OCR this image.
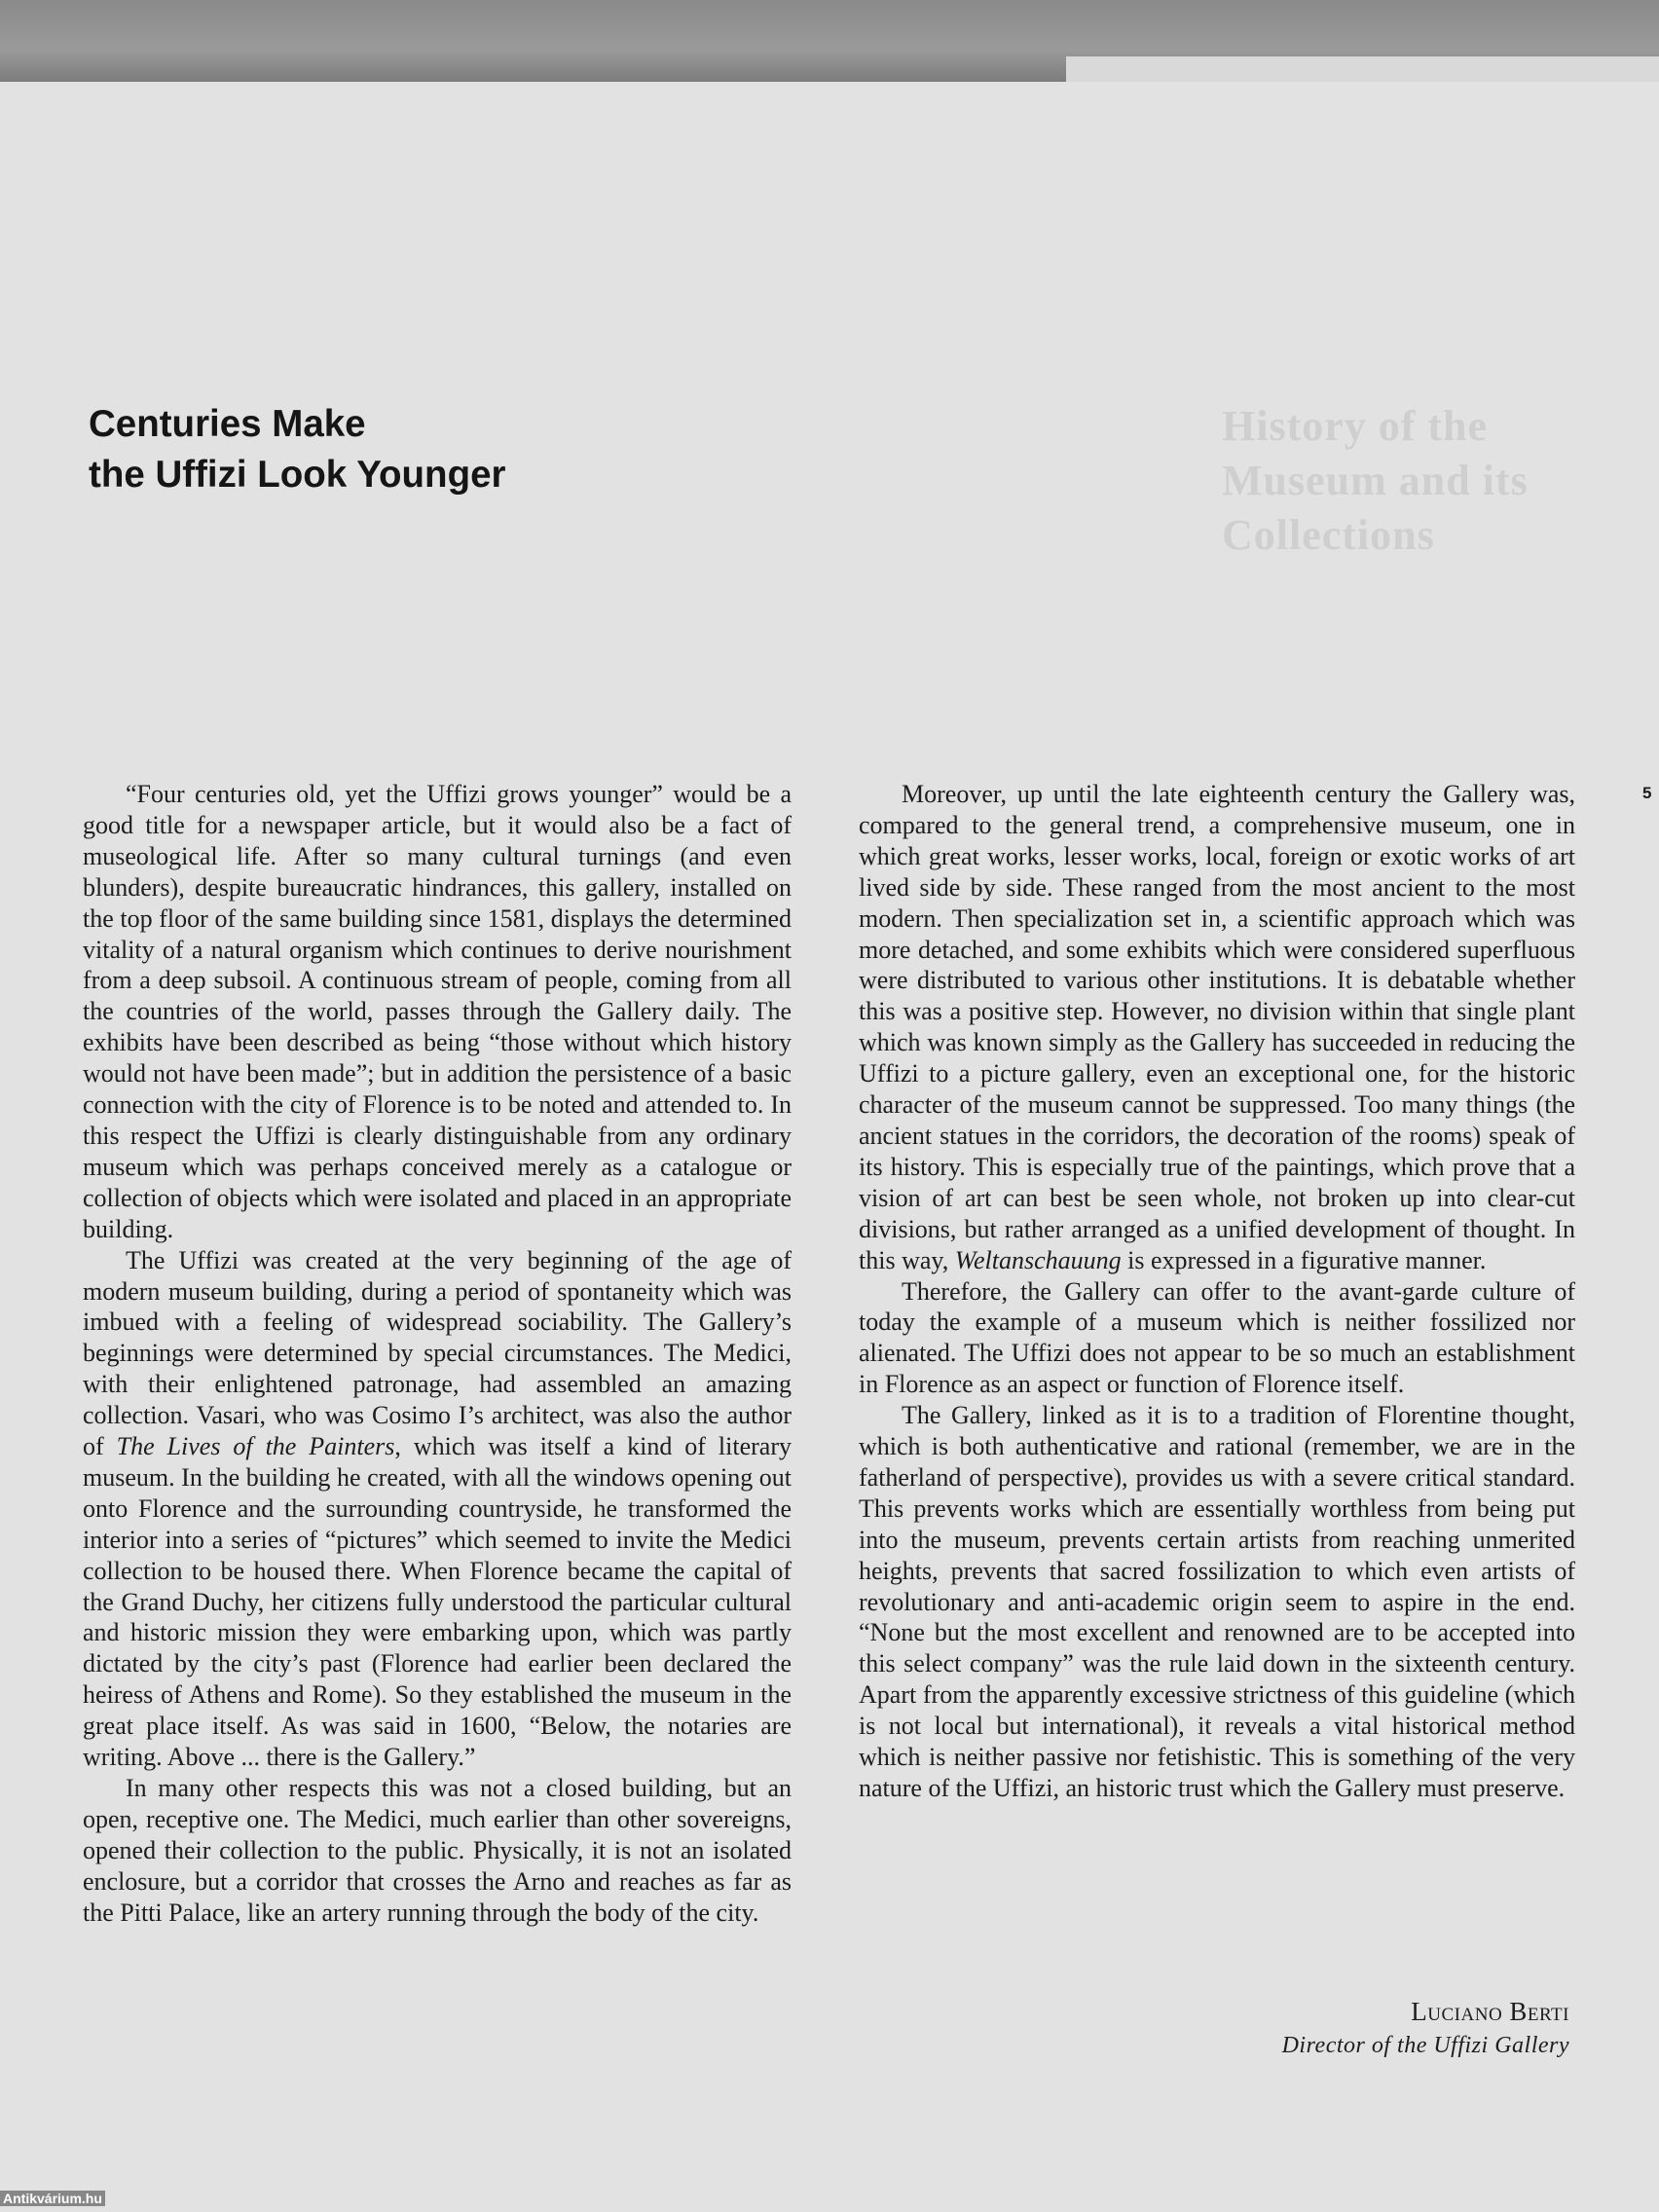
History of the Museum and its Collections
Centuries Make
the Uffizi Look Younger
5

“Four centuries old, yet the Uffizi grows younger” would be a good title for a newspaper article, but it would also be a fact of museological life. After so many cultural turnings (and even blunders), despite bureaucratic hindrances, this gallery, installed on the top floor of the same building since 1581, displays the determined vitality of a natural organism which continues to derive nourishment from a deep subsoil. A continuous stream of people, coming from all the countries of the world, passes through the Gallery daily. The exhibits have been described as being “those without which history would not have been made”; but in addition the persistence of a basic connection with the city of Florence is to be noted and attended to. In this respect the Uffizi is clearly distinguishable from any ordinary museum which was perhaps conceived merely as a catalogue or collection of objects which were isolated and placed in an appropriate building.

The Uffizi was created at the very beginning of the age of modern museum building, during a period of spontaneity which was imbued with a feeling of widespread sociability. The Gallery’s beginnings were determined by special circumstances. The Medici, with their enlightened patronage, had assembled an amazing collection. Vasari, who was Cosimo I’s architect, was also the author of The Lives of the Painters, which was itself a kind of literary museum. In the building he created, with all the windows opening out onto Florence and the surrounding countryside, he transformed the interior into a series of “pictures” which seemed to invite the Medici collection to be housed there. When Florence became the capital of the Grand Duchy, her citizens fully understood the particular cultural and historic mission they were embarking upon, which was partly dictated by the city’s past (Florence had earlier been declared the heiress of Athens and Rome). So they established the museum in the great place itself. As was said in 1600, “Below, the notaries are writing. Above ... there is the Gallery.”

In many other respects this was not a closed building, but an open, receptive one. The Medici, much earlier than other sovereigns, opened their collection to the public. Physically, it is not an isolated enclosure, but a corridor that crosses the Arno and reaches as far as the Pitti Palace, like an artery running through the body of the city.

Moreover, up until the late eighteenth century the Gallery was, compared to the general trend, a comprehensive museum, one in which great works, lesser works, local, foreign or exotic works of art lived side by side. These ranged from the most ancient to the most modern. Then specialization set in, a scientific approach which was more detached, and some exhibits which were considered superfluous were distributed to various other institutions. It is debatable whether this was a positive step. However, no division within that single plant which was known simply as the Gallery has succeeded in reducing the Uffizi to a picture gallery, even an exceptional one, for the historic character of the museum cannot be suppressed. Too many things (the ancient statues in the corridors, the decoration of the rooms) speak of its history. This is especially true of the paintings, which prove that a vision of art can best be seen whole, not broken up into clear-cut divisions, but rather arranged as a unified development of thought. In this way, Weltanschauung is expressed in a figurative manner.

Therefore, the Gallery can offer to the avant-garde culture of today the example of a museum which is neither fossilized nor alienated. The Uffizi does not appear to be so much an establishment in Florence as an aspect or function of Florence itself.

The Gallery, linked as it is to a tradition of Florentine thought, which is both authenticative and rational (remember, we are in the fatherland of perspective), provides us with a severe critical standard. This prevents works which are essentially worthless from being put into the museum, prevents certain artists from reaching unmerited heights, prevents that sacred fossilization to which even artists of revolutionary and anti-academic origin seem to aspire in the end. “None but the most excellent and renowned are to be accepted into this select company” was the rule laid down in the sixteenth century. Apart from the apparently excessive strictness of this guideline (which is not local but international), it reveals a vital historical method which is neither passive nor fetishistic. This is something of the very nature of the Uffizi, an historic trust which the Gallery must preserve.

Luciano Berti
Director of the Uffizi Gallery
Antikvárium.hu
